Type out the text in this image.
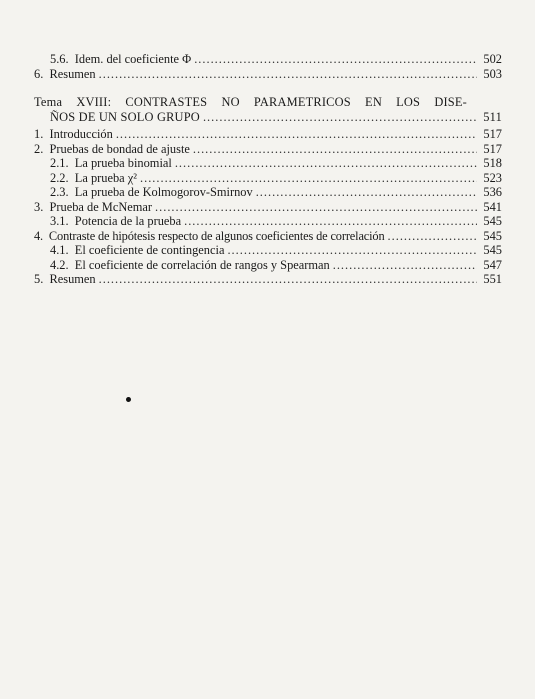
5.6. Idem. del coeficiente Φ .....	502
6. Resumen .....	503
Tema XVIII: CONTRASTES NO PARAMETRICOS EN LOS DISE-
ÑOS DE UN SOLO GRUPO .....	511
1. Introducción .....	517
2. Pruebas de bondad de ajuste .....	517
2.1. La prueba binomial .....	518
2.2. La prueba χ² .....	523
2.3. La prueba de Kolmogorov-Smirnov .....	536
3. Prueba de McNemar .....	541
3.1. Potencia de la prueba .....	545
4. Contraste de hipótesis respecto de algunos coeficientes de correlación .....	545
4.1. El coeficiente de contingencia .....	545
4.2. El coeficiente de correlación de rangos y Spearman .....	547
5. Resumen .....	551
